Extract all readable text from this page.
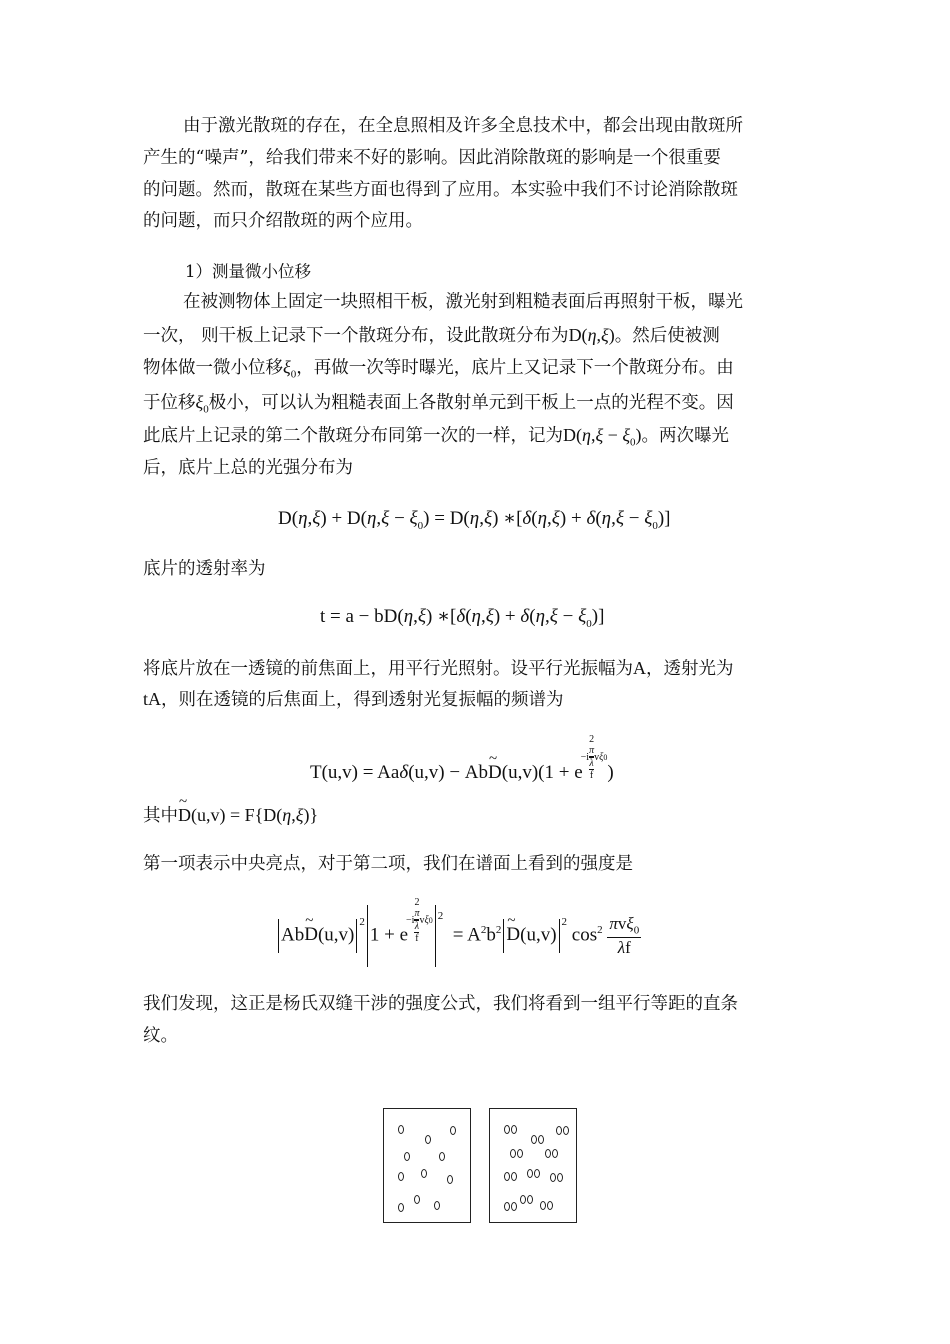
由于激光散斑的存在，在全息照相及许多全息技术中，都会出现由散斑所
产生的“噪声”，给我们带来不好的影响。因此消除散斑的影响是一个很重要
的问题。然而，散斑在某些方面也得到了应用。本实验中我们不讨论消除散斑
的问题，而只介绍散斑的两个应用。
1）测量微小位移
在被测物体上固定一块照相干板，激光射到粗糙表面后再照射干板，曝光
一次， 则干板上记录下一个散斑分布，设此散斑分布为D(η,ξ)。然后使被测
物体做一微小位移$\xi_0$，再做一次等时曝光，底片上又记录下一个散斑分布。由
于位移$\xi_0$极小，可以认为粗糙表面上各散射单元到干板上一点的光程不变。因
此底片上记录的第二个散斑分布同第一次的一样，记为$D(\eta,\xi - \xi_0)$。两次曝光
后，底片上总的光强分布为
$D(\eta,\xi) + D(\eta,\xi - \xi_0) = D(\eta,\xi)$ ∗[δ(η,ξ) + $\delta(\eta,\xi - \xi_0)$]
底片的透射率为
t = a − bD(η,ξ) ∗[δ(η,ξ) + $\delta(\eta,\xi - \xi_0)$]
将底片放在一透镜的前焦面上，用平行光照射。设平行光振幅为A，透射光为
tA，则在透镜的后焦面上，得到透射光复振幅的频谱为
T(u,v) = Aaδ(u,v) − Ab~ D(u,v)(1 + e−i 2
π
λ
f vξ0)
其中~ D(u,v) = F{D(η,ξ)}
第一项表示中央亮点，对于第二项，我们在谱面上看到的强度是
Ab~ $D(u,v)^21 + e-i$ 2
π
λ
f vξ0 $^2 = A^2b^2\sim$ $D(u,v)^2$ $\cos^2 \frac{\pi v\xi_0}{\lambda f}$
我们发现，这正是杨氏双缝干涉的强度公式，我们将看到一组平行等距的直条
纹。
